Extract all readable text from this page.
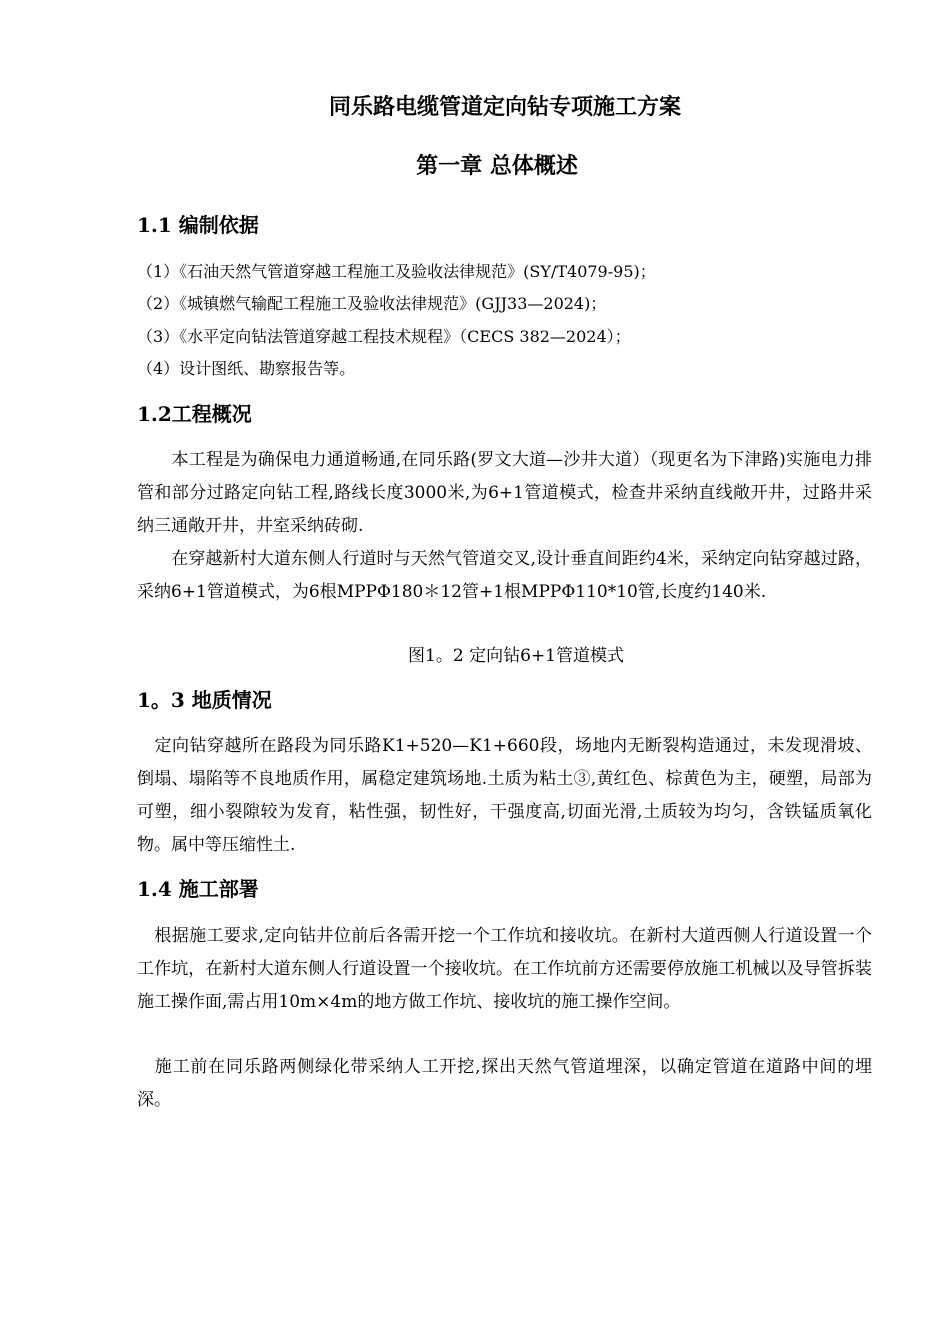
同乐路电缆管道定向钻专项施工方案
第一章 总体概述
1.1 编制依据
（1）《石油天然气管道穿越工程施工及验收法律规范》(SY/T4079-95)；
（2）《城镇燃气输配工程施工及验收法律规范》(GJJ33—2024)；
（3）《水平定向钻法管道穿越工程技术规程》（CECS 382—2024）；
（4）设计图纸、勘察报告等。
1.2工程概况
　　本工程是为确保电力通道畅通,在同乐路(罗文大道—沙井大道）（现更名为下津路)实施电力排管和部分过路定向钻工程,路线长度3000米,为6+1管道模式，检查井采纳直线敞开井，过路井采纳三通敞开井，井室采纳砖砌.
　　在穿越新村大道东侧人行道时与天然气管道交叉,设计垂直间距约4米，采纳定向钻穿越过路，采纳6+1管道模式，为6根MPPΦ180＊12管+1根MPPΦ110*10管,长度约140米.
图1。2 定向钻6+1管道模式
1。3 地质情况
　定向钻穿越所在路段为同乐路K1+520—K1+660段，场地内无断裂构造通过，未发现滑坡、倒塌、塌陷等不良地质作用，属稳定建筑场地.土质为粘土③,黄红色、棕黄色为主，硬塑，局部为可塑，细小裂隙较为发育，粘性强，韧性好，干强度高,切面光滑,土质较为均匀，含铁锰质氧化物。属中等压缩性土.
1.4 施工部署
　根据施工要求,定向钻井位前后各需开挖一个工作坑和接收坑。在新村大道西侧人行道设置一个工作坑，在新村大道东侧人行道设置一个接收坑。在工作坑前方还需要停放施工机械以及导管拆装施工操作面,需占用10m×4m的地方做工作坑、接收坑的施工操作空间。
　施工前在同乐路两侧绿化带采纳人工开挖,探出天然气管道埋深，以确定管道在道路中间的埋深。
